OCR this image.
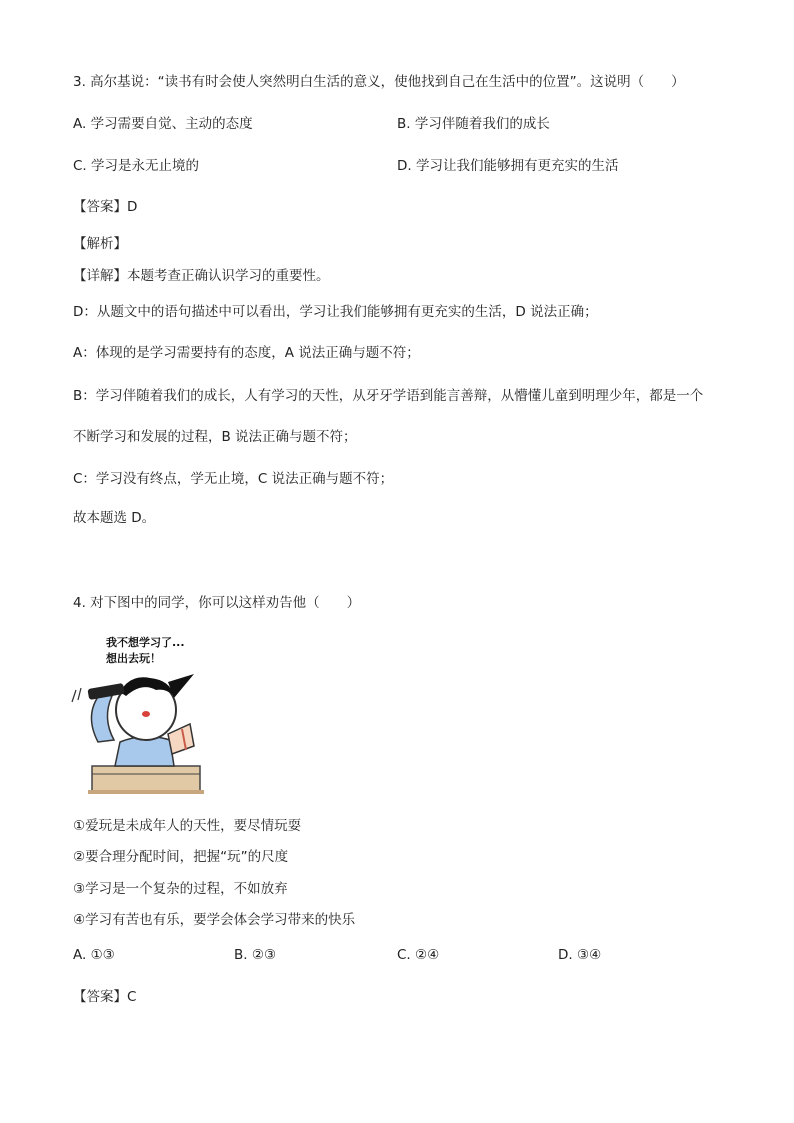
3. 高尔基说：“读书有时会使人突然明白生活的意义，使他找到自己在生活中的位置”。这说明（　　）
A. 学习需要自觉、主动的态度	B. 学习伴随着我们的成长
C. 学习是永无止境的	D. 学习让我们能够拥有更充实的生活
【答案】D
【解析】
【详解】本题考查正确认识学习的重要性。
D：从题文中的语句描述中可以看出，学习让我们能够拥有更充实的生活，D 说法正确；
A：体现的是学习需要持有的态度，A 说法正确与题不符；
B：学习伴随着我们的成长，人有学习的天性，从牙牙学语到能言善辩，从懵懂儿童到明理少年，都是一个
不断学习和发展的过程，B 说法正确与题不符；
C：学习没有终点，学无止境，C 说法正确与题不符；
故本题选 D。
4. 对下图中的同学，你可以这样劝告他（　　）
我不想学习了...
想出去玩！
①爱玩是未成年人的天性，要尽情玩耍
②要合理分配时间，把握“玩”的尺度
③学习是一个复杂的过程，不如放弃
④学习有苦也有乐，要学会体会学习带来的快乐
A. ①③	B. ②③	C. ②④	D. ③④
【答案】C
